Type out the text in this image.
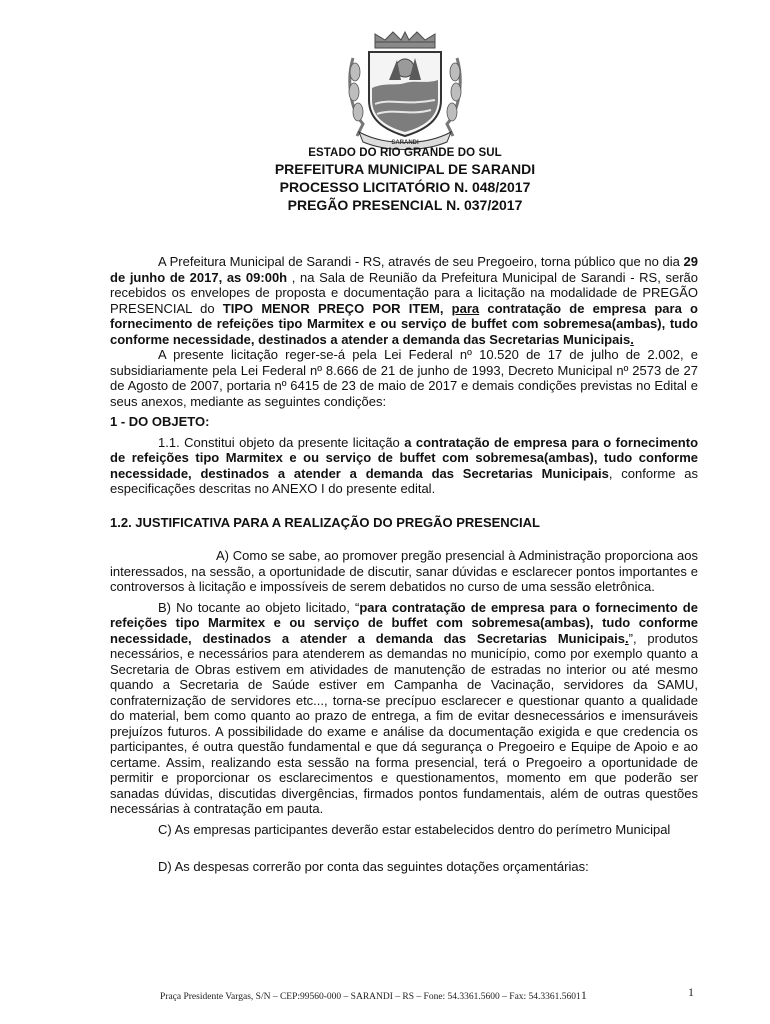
SARANDI
ESTADO DO RIO GRANDE DO SUL
PREFEITURA MUNICIPAL DE SARANDI
PROCESSO LICITATÓRIO N. 048/2017
PREGÃO PRESENCIAL N. 037/2017

A Prefeitura Municipal de Sarandi - RS, através de seu Pregoeiro, torna público que no dia 29 de junho de 2017, as 09:00h , na Sala de Reunião da Prefeitura Municipal de Sarandi - RS, serão recebidos os envelopes de proposta e documentação para a licitação na modalidade de PREGÃO PRESENCIAL do TIPO MENOR PREÇO POR ITEM, para contratação de empresa para o fornecimento de refeições tipo Marmitex e ou serviço de buffet com sobremesa(ambas), tudo conforme necessidade, destinados a atender a demanda das Secretarias Municipais.

A presente licitação reger-se-á pela Lei Federal nº 10.520 de 17 de julho de 2.002, e subsidiariamente pela Lei Federal nº 8.666 de 21 de junho de 1993, Decreto Municipal nº 2573 de 27 de Agosto de 2007, portaria nº 6415 de 23 de maio de 2017 e demais condições previstas no Edital e seus anexos, mediante as seguintes condições:

1 - DO OBJETO:

1.1. Constitui objeto da presente licitação a contratação de empresa para o fornecimento de refeições tipo Marmitex e ou serviço de buffet com sobremesa(ambas), tudo conforme necessidade, destinados a atender a demanda das Secretarias Municipais, conforme as especificações descritas no ANEXO I do presente edital.

1.2. JUSTIFICATIVA PARA A REALIZAÇÃO DO PREGÃO PRESENCIAL

A) Como se sabe, ao promover pregão presencial à Administração proporciona aos interessados, na sessão, a oportunidade de discutir, sanar dúvidas e esclarecer pontos importantes e controversos à licitação e impossíveis de serem debatidos no curso de uma sessão eletrônica.

B) No tocante ao objeto licitado, “para contratação de empresa para o fornecimento de refeições tipo Marmitex e ou serviço de buffet com sobremesa(ambas), tudo conforme necessidade, destinados a atender a demanda das Secretarias Municipais.”, produtos necessários, e necessários para atenderem as demandas no município, como por exemplo quanto a Secretaria de Obras estivem em atividades de manutenção de estradas no interior ou até mesmo quando a Secretaria de Saúde estiver em Campanha de Vacinação, servidores da SAMU, confraternização de servidores etc..., torna-se precípuo esclarecer e questionar quanto a qualidade do material, bem como quanto ao prazo de entrega, a fim de evitar desnecessários e imensuráveis prejuízos futuros. A possibilidade do exame e análise da documentação exigida e que credencia os participantes, é outra questão fundamental e que dá segurança o Pregoeiro e Equipe de Apoio e ao certame. Assim, realizando esta sessão na forma presencial, terá o Pregoeiro a oportunidade de permitir e proporcionar os esclarecimentos e questionamentos, momento em que poderão ser sanadas dúvidas, discutidas divergências, firmados pontos fundamentais, além de outras questões necessárias à contratação em pauta.

C) As empresas participantes deverão estar estabelecidos dentro do perímetro Municipal

D) As despesas correrão por conta das seguintes dotações orçamentárias:

Praça Presidente Vargas, S/N – CEP:99560-000 – SARANDI – RS – Fone: 54.3361.5600 – Fax: 54.3361.56011	1
